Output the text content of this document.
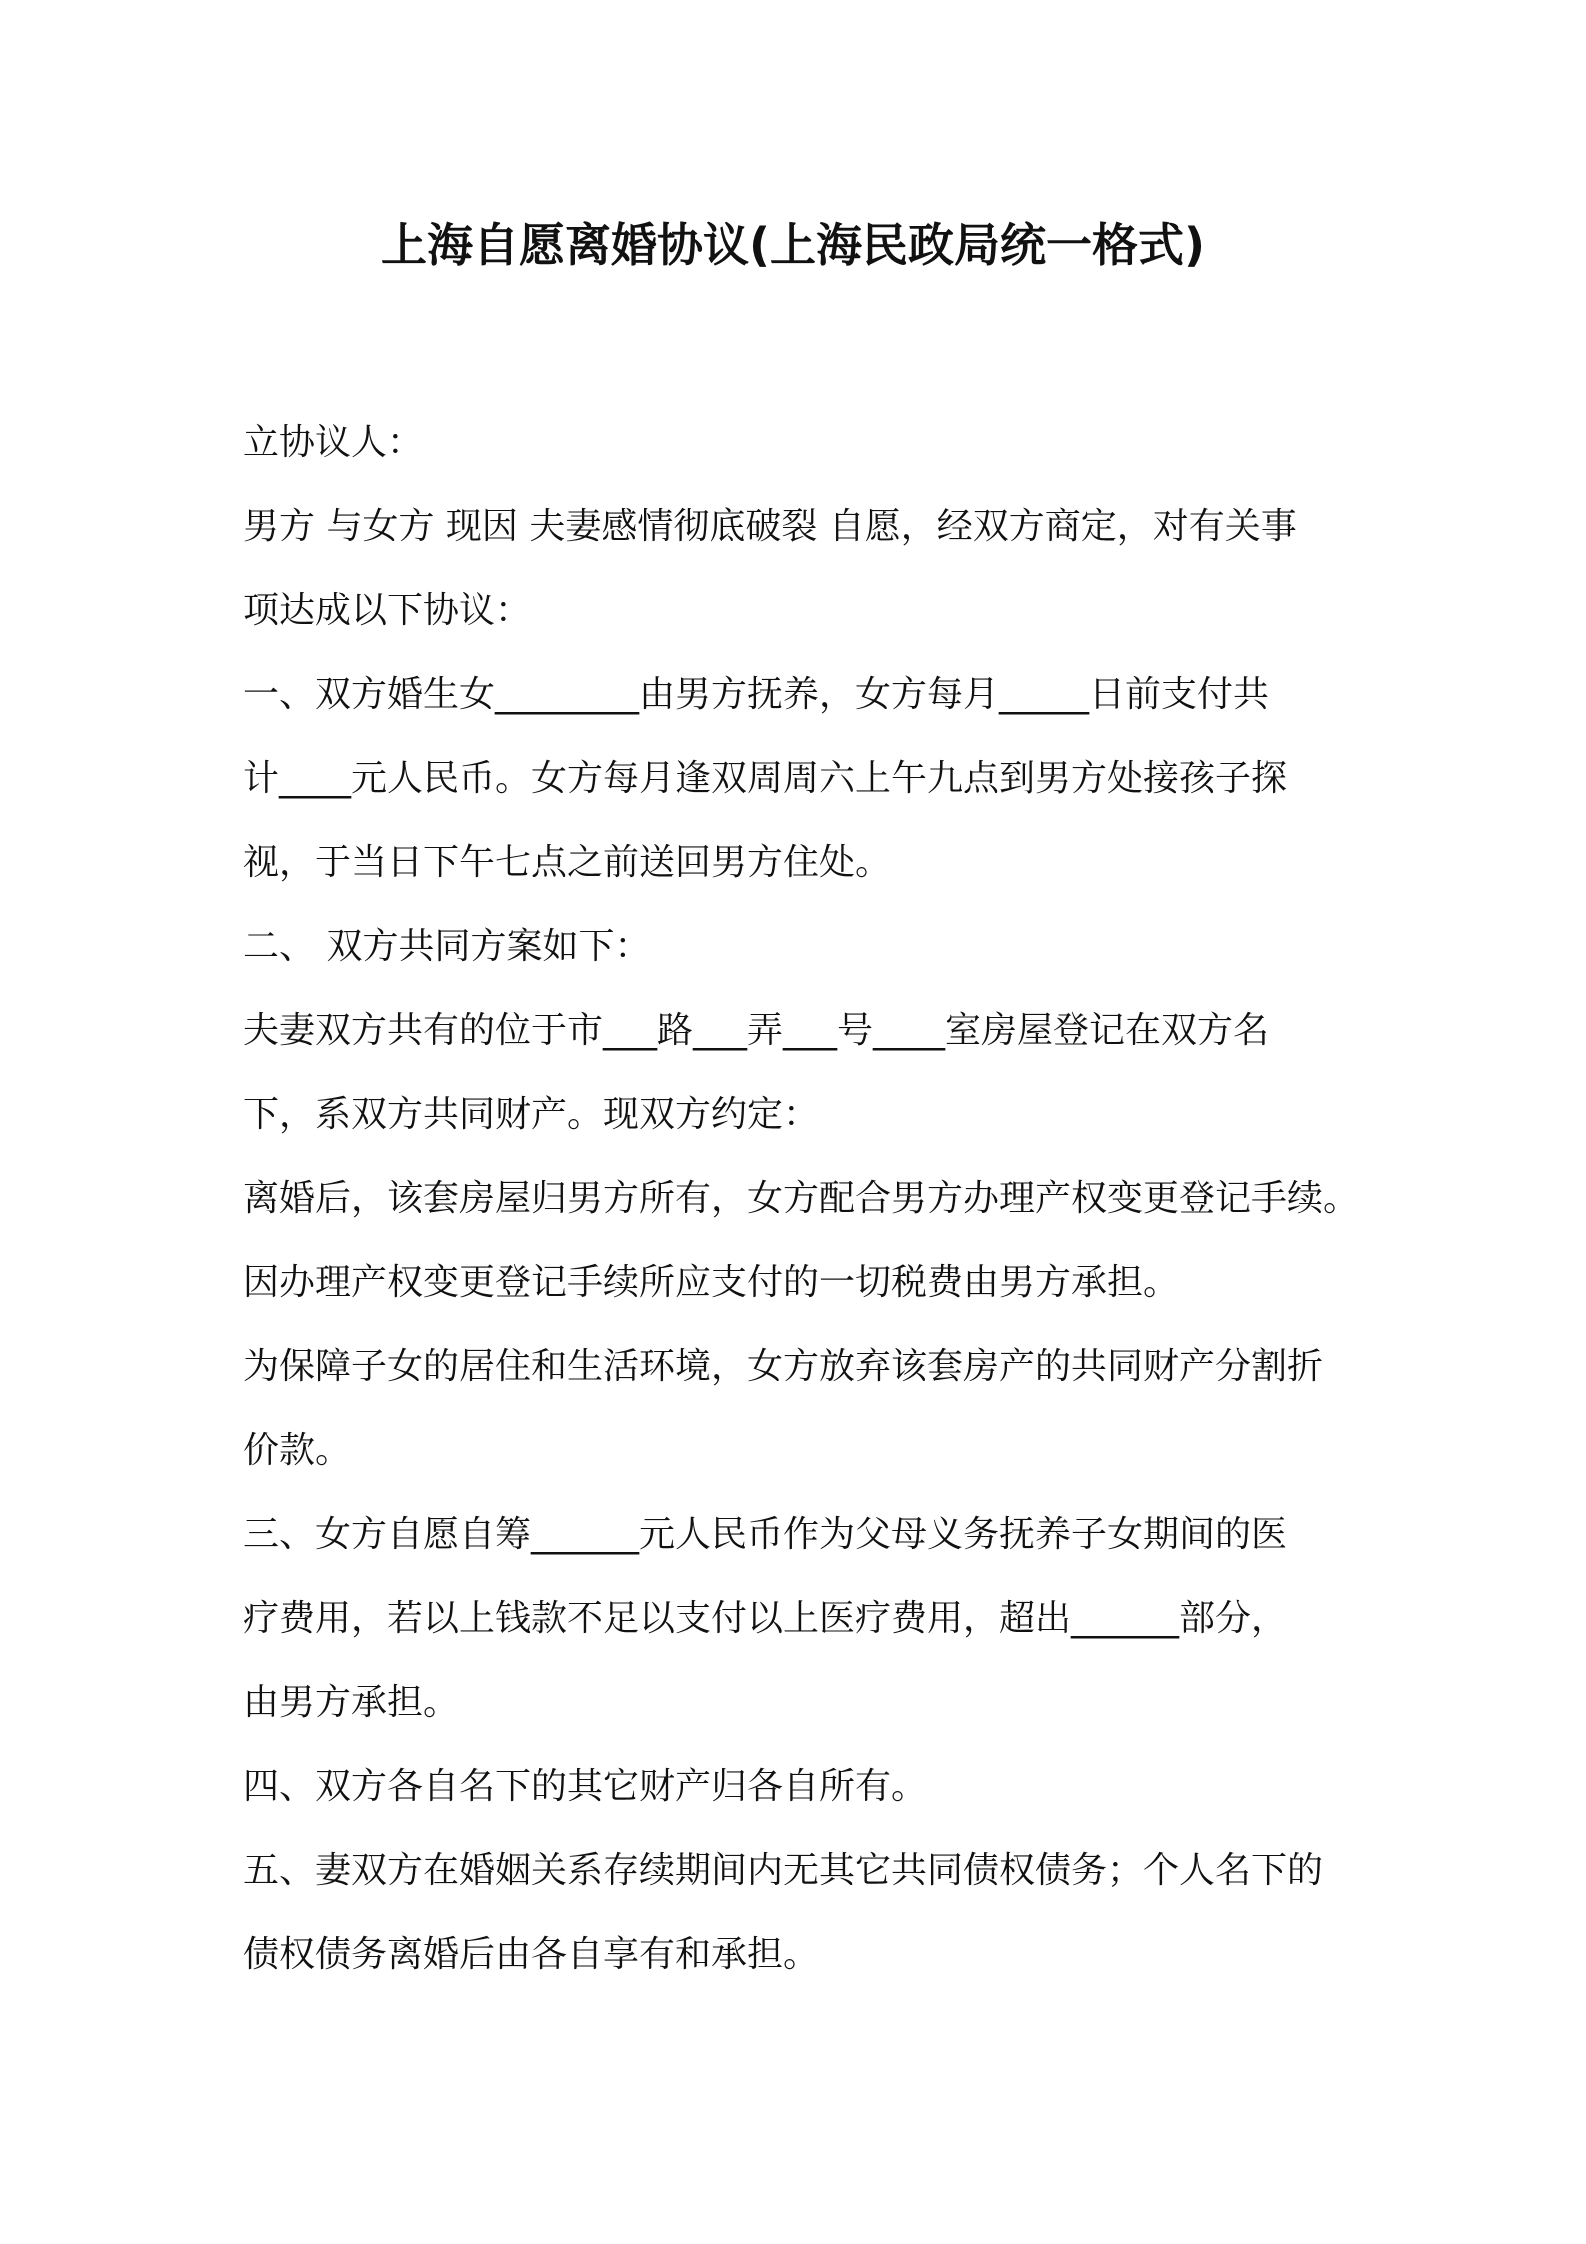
上海自愿离婚协议(上海民政局统一格式)

立协议人：

男方 与女方 现因 夫妻感情彻底破裂 自愿，经双方商定，对有关事

项达成以下协议：

一、双方婚生女________由男方抚养，女方每月_____日前支付共

计____元人民币。女方每月逢双周周六上午九点到男方处接孩子探

视，于当日下午七点之前送回男方住处。

二、 双方共同方案如下：

夫妻双方共有的位于市___路___弄___号____室房屋登记在双方名

下，系双方共同财产。现双方约定：

离婚后，该套房屋归男方所有，女方配合男方办理产权变更登记手续。

因办理产权变更登记手续所应支付的一切税费由男方承担。

为保障子女的居住和生活环境，女方放弃该套房产的共同财产分割折

价款。

三、女方自愿自筹______元人民币作为父母义务抚养子女期间的医

疗费用，若以上钱款不足以支付以上医疗费用，超出______部分，

由男方承担。

四、双方各自名下的其它财产归各自所有。

五、妻双方在婚姻关系存续期间内无其它共同债权债务；个人名下的

债权债务离婚后由各自享有和承担。
